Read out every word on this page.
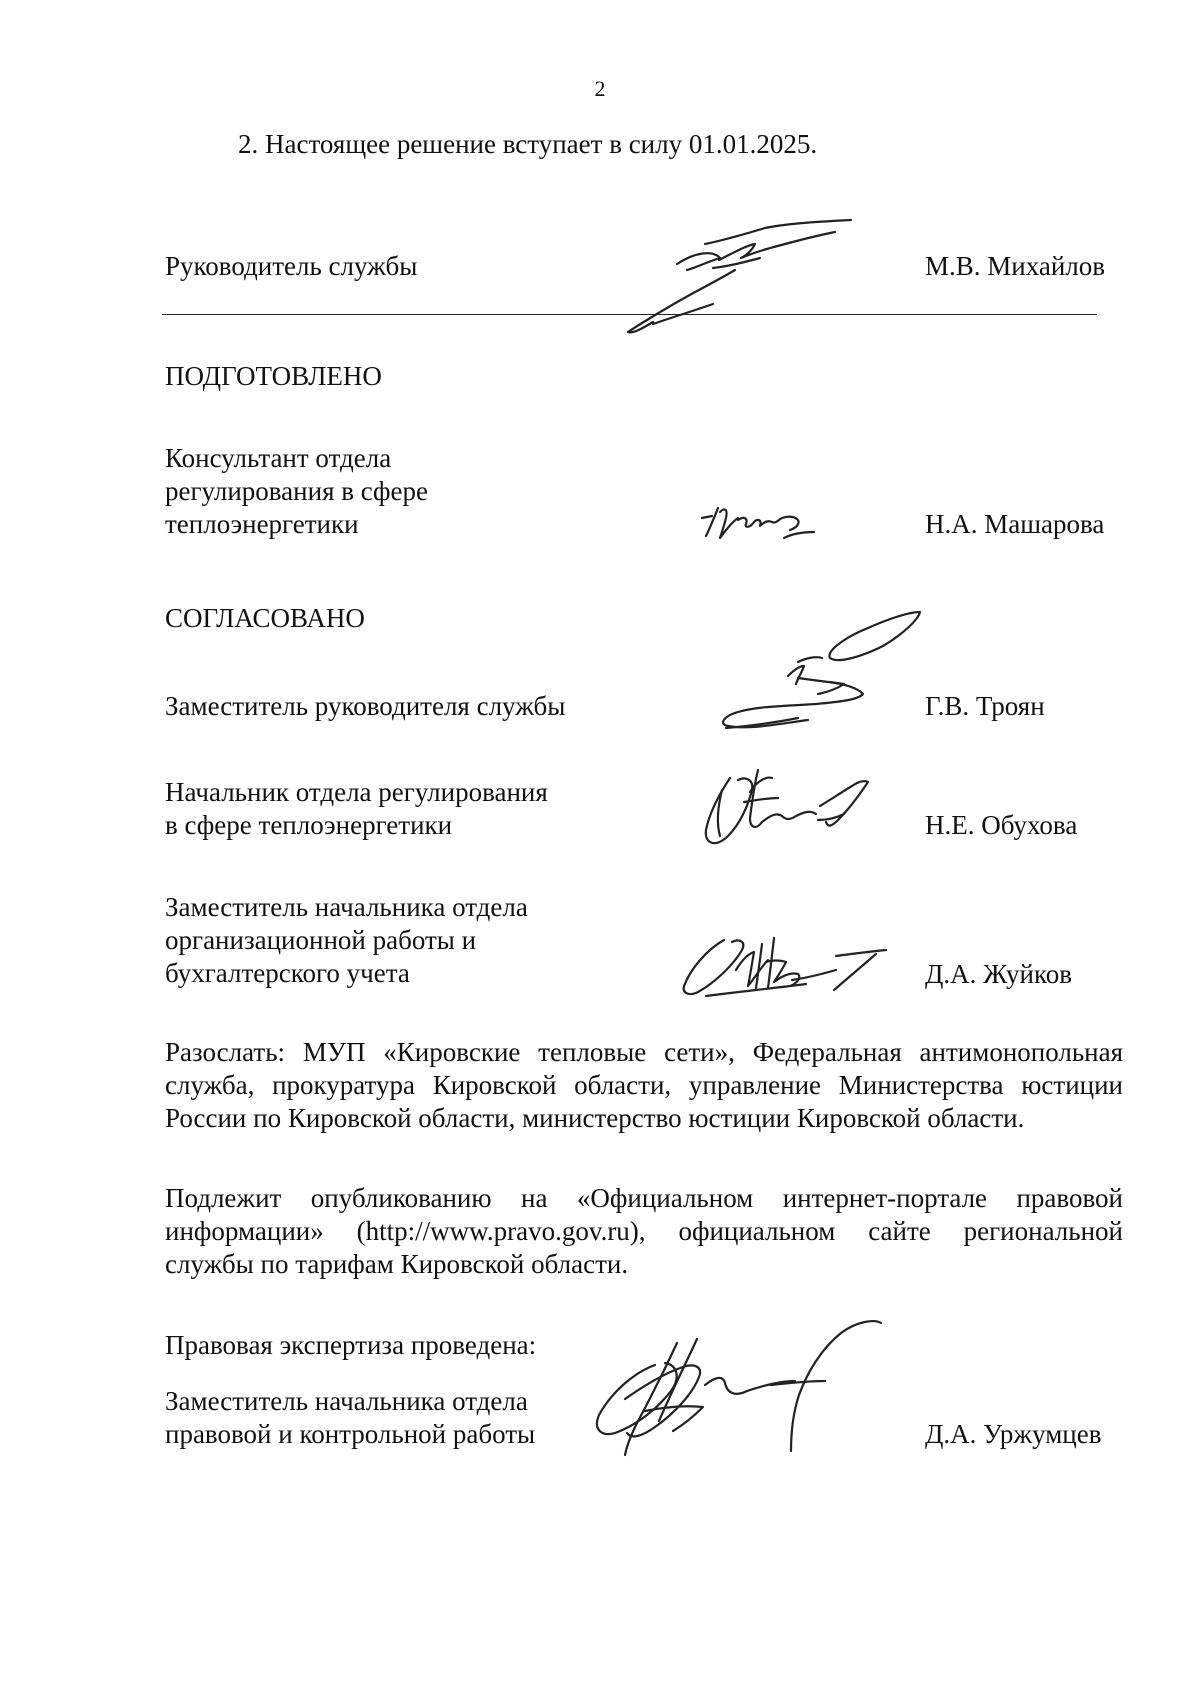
2
2. Настоящее решение вступает в силу 01.01.2025.
Руководитель службы	М.В. Михайлов
ПОДГОТОВЛЕНО
Консультант отдела
регулирования в сфере
теплоэнергетики	Н.А. Машарова
СОГЛАСОВАНО
Заместитель руководителя службы	Г.В. Троян
Начальник отдела регулирования
в сфере теплоэнергетики	Н.Е. Обухова
Заместитель начальника отдела
организационной работы и
бухгалтерского учета	Д.А. Жуйков
Разослать: МУП «Кировские тепловые сети», Федеральная антимонопольная
служба, прокуратура Кировской области, управление Министерства юстиции
России по Кировской области, министерство юстиции Кировской области.
Подлежит опубликованию на «Официальном интернет-портале правовой
информации» (http://www.pravo.gov.ru), официальном сайте региональной
службы по тарифам Кировской области.
Правовая экспертиза проведена:
Заместитель начальника отдела
правовой и контрольной работы	Д.А. Уржумцев
